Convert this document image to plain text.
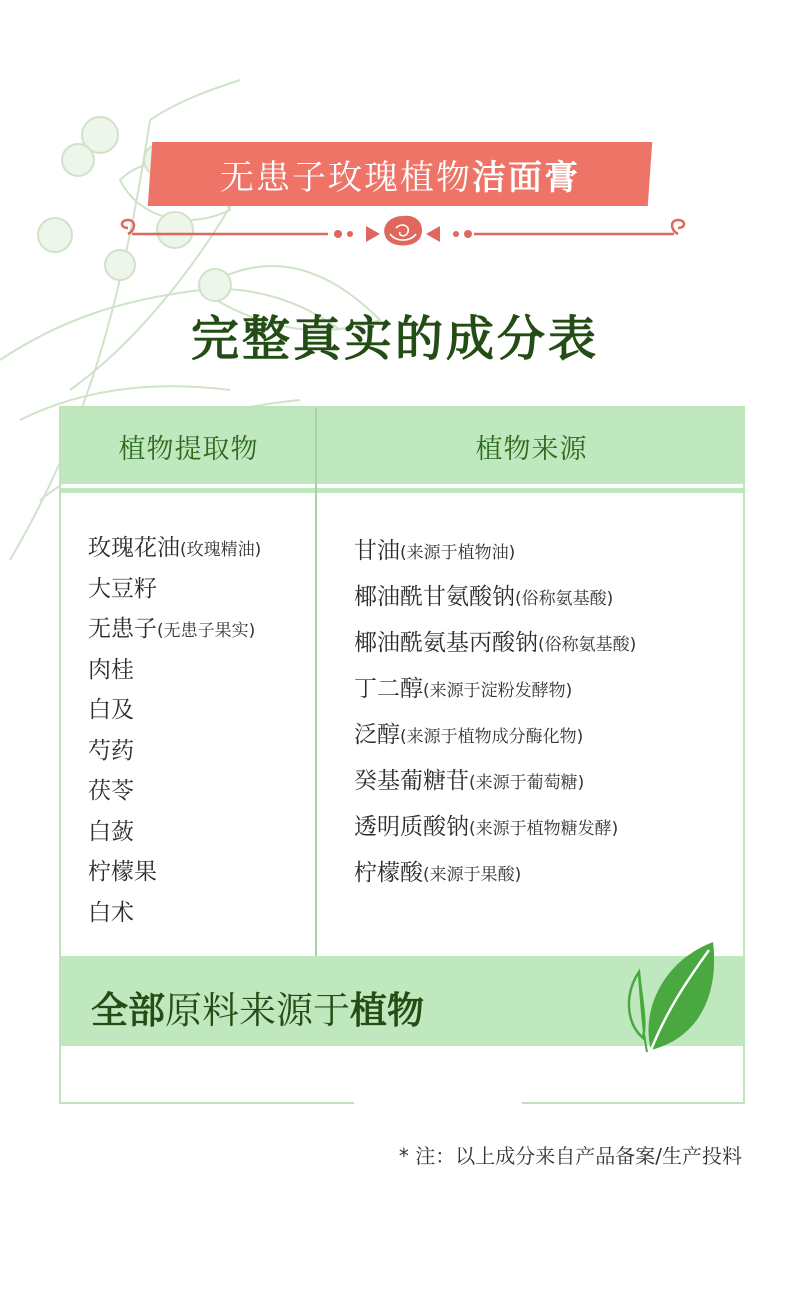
无患子玫瑰植物洁面膏
完整真实的成分表
植物提取物	植物来源
玫瑰花油(玫瑰精油)
大豆籽
无患子(无患子果实)
肉桂
白及
芍药
茯苓
白蔹
柠檬果
白术
甘油(来源于植物油)
椰油酰甘氨酸钠(俗称氨基酸)
椰油酰氨基丙酸钠(俗称氨基酸)
丁二醇(来源于淀粉发酵物)
泛醇(来源于植物成分酶化物)
癸基葡糖苷(来源于葡萄糖)
透明质酸钠(来源于植物糖发酵)
柠檬酸(来源于果酸)
全部原料来源于植物
* 注：以上成分来自产品备案/生产投料
